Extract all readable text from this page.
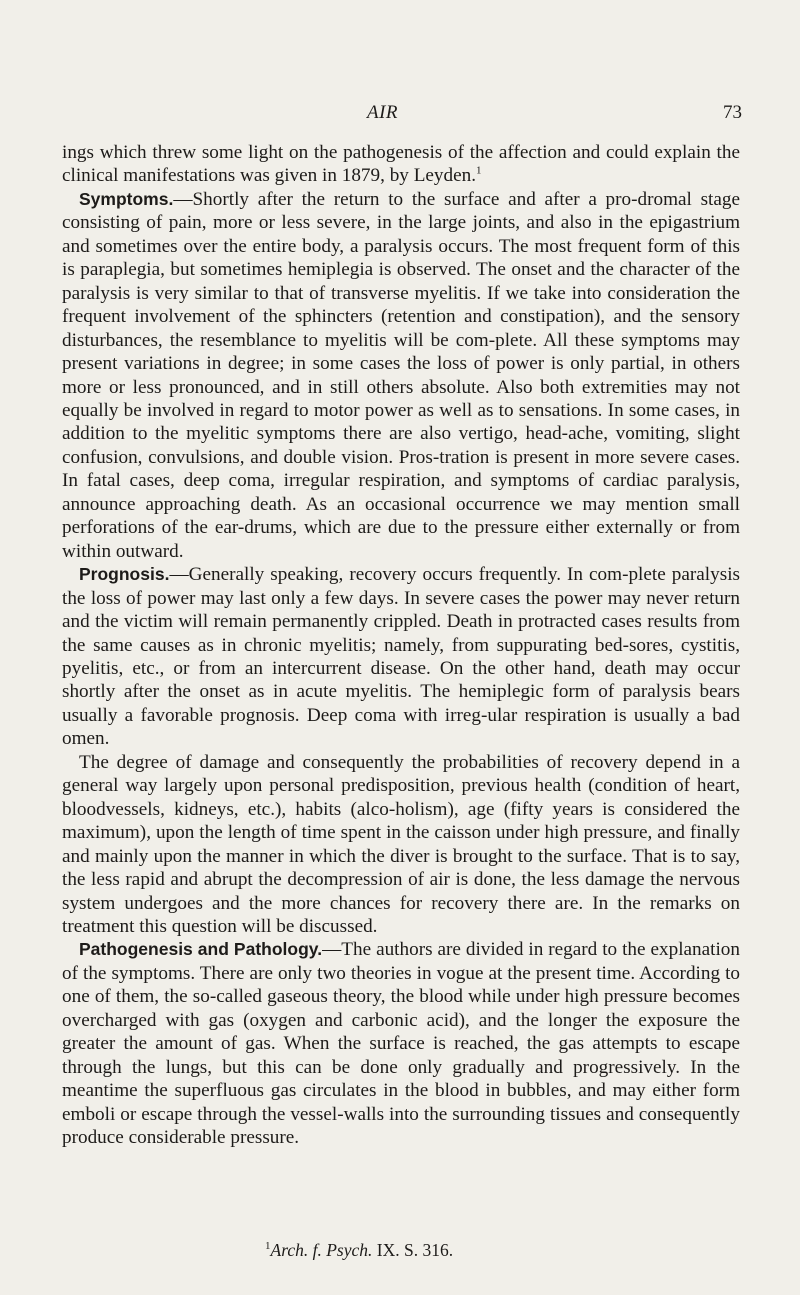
AIR	73

ings which threw some light on the pathogenesis of the affection and could explain the clinical manifestations was given in 1879, by Leyden.$^1$

Symptoms.—Shortly after the return to the surface and after a pro-dromal stage consisting of pain, more or less severe, in the large joints, and also in the epigastrium and sometimes over the entire body, a paralysis occurs. The most frequent form of this is paraplegia, but sometimes hemiplegia is observed. The onset and the character of the paralysis is very similar to that of transverse myelitis. If we take into consideration the frequent involvement of the sphincters (retention and constipation), and the sensory disturbances, the resemblance to myelitis will be com-plete. All these symptoms may present variations in degree; in some cases the loss of power is only partial, in others more or less pronounced, and in still others absolute. Also both extremities may not equally be involved in regard to motor power as well as to sensations. In some cases, in addition to the myelitic symptoms there are also vertigo, head-ache, vomiting, slight confusion, convulsions, and double vision. Pros-tration is present in more severe cases. In fatal cases, deep coma, irregular respiration, and symptoms of cardiac paralysis, announce approaching death. As an occasional occurrence we may mention small perforations of the ear-drums, which are due to the pressure either externally or from within outward.

Prognosis.—Generally speaking, recovery occurs frequently. In com-plete paralysis the loss of power may last only a few days. In severe cases the power may never return and the victim will remain permanently crippled. Death in protracted cases results from the same causes as in chronic myelitis; namely, from suppurating bed-sores, cystitis, pyelitis, etc., or from an intercurrent disease. On the other hand, death may occur shortly after the onset as in acute myelitis. The hemiplegic form of paralysis bears usually a favorable prognosis. Deep coma with irreg-ular respiration is usually a bad omen.

The degree of damage and consequently the probabilities of recovery depend in a general way largely upon personal predisposition, previous health (condition of heart, bloodvessels, kidneys, etc.), habits (alco-holism), age (fifty years is considered the maximum), upon the length of time spent in the caisson under high pressure, and finally and mainly upon the manner in which the diver is brought to the surface. That is to say, the less rapid and abrupt the decompression of air is done, the less damage the nervous system undergoes and the more chances for recovery there are. In the remarks on treatment this question will be discussed.

Pathogenesis and Pathology.—The authors are divided in regard to the explanation of the symptoms. There are only two theories in vogue at the present time. According to one of them, the so-called gaseous theory, the blood while under high pressure becomes overcharged with gas (oxygen and carbonic acid), and the longer the exposure the greater the amount of gas. When the surface is reached, the gas attempts to escape through the lungs, but this can be done only gradually and progressively. In the meantime the superfluous gas circulates in the blood in bubbles, and may either form emboli or escape through the vessel-walls into the surrounding tissues and consequently produce considerable pressure.

$^1$Arch. f. Psych. IX. S. 316.
